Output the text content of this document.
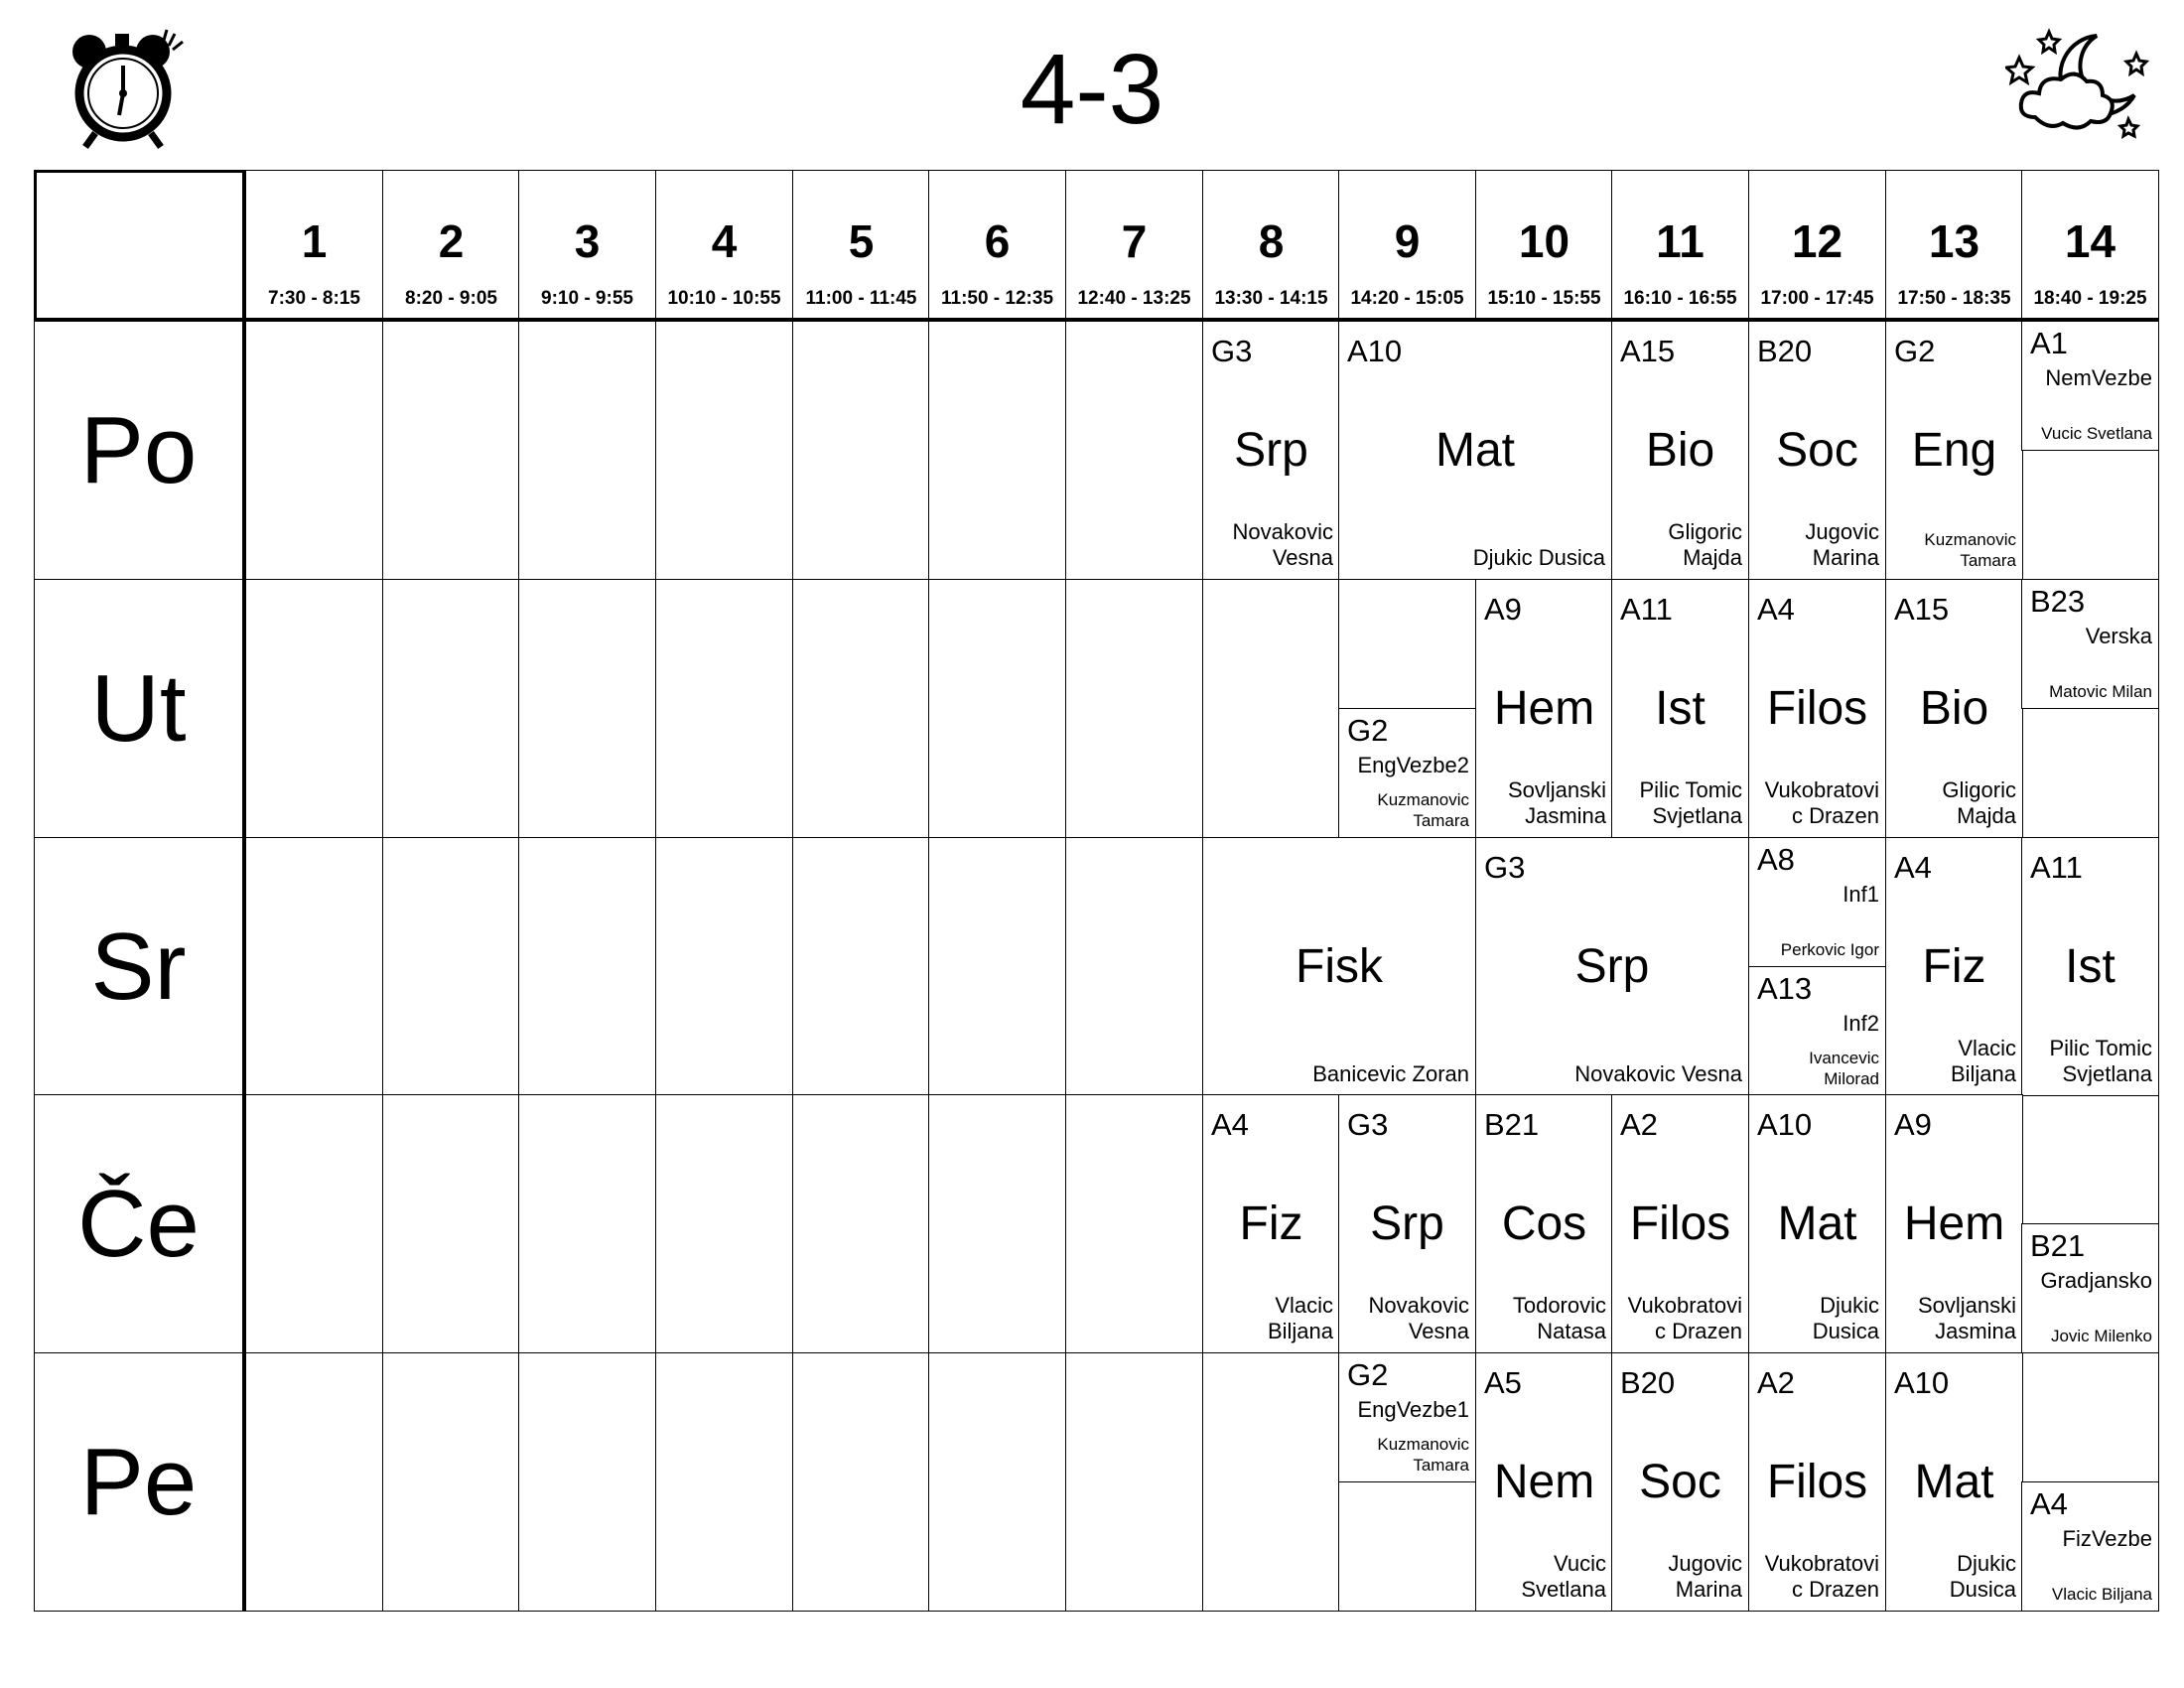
4-3
1
7:30 - 8:15
2
8:20 - 9:05
3
9:10 - 9:55
4
10:10 - 10:55
5
11:00 - 11:45
6
11:50 - 12:35
7
12:40 - 13:25
8
13:30 - 14:15
9
14:20 - 15:05
10
15:10 - 15:55
11
16:10 - 16:55
12
17:00 - 17:45
13
17:50 - 18:35
14
18:40 - 19:25
Po
Ut
Sr
Če
Pe
G3
Srp
Novakovic
Vesna
A10
Mat
Djukic Dusica
A15
Bio
Gligoric
Majda
B20
Soc
Jugovic
Marina
G2
Eng
Kuzmanovic
Tamara
A1
NemVezbe
Vucic Svetlana
G2
EngVezbe2
Kuzmanovic
Tamara
A9
Hem
Sovljanski
Jasmina
A11
Ist
Pilic Tomic
Svjetlana
A4
Filos
Vukobratovi
c Drazen
A15
Bio
Gligoric
Majda
B23
Verska
Matovic Milan
Fisk
Banicevic Zoran
G3
Srp
Novakovic Vesna
A8
Inf1
Perkovic Igor
A13
Inf2
Ivancevic
Milorad
A4
Fiz
Vlacic
Biljana
A11
Ist
Pilic Tomic
Svjetlana
A4
Fiz
Vlacic
Biljana
G3
Srp
Novakovic
Vesna
B21
Cos
Todorovic
Natasa
A2
Filos
Vukobratovi
c Drazen
A10
Mat
Djukic
Dusica
A9
Hem
Sovljanski
Jasmina
B21
Gradjansko
Jovic Milenko
G2
EngVezbe1
Kuzmanovic
Tamara
A5
Nem
Vucic
Svetlana
B20
Soc
Jugovic
Marina
A2
Filos
Vukobratovi
c Drazen
A10
Mat
Djukic
Dusica
A4
FizVezbe
Vlacic Biljana
